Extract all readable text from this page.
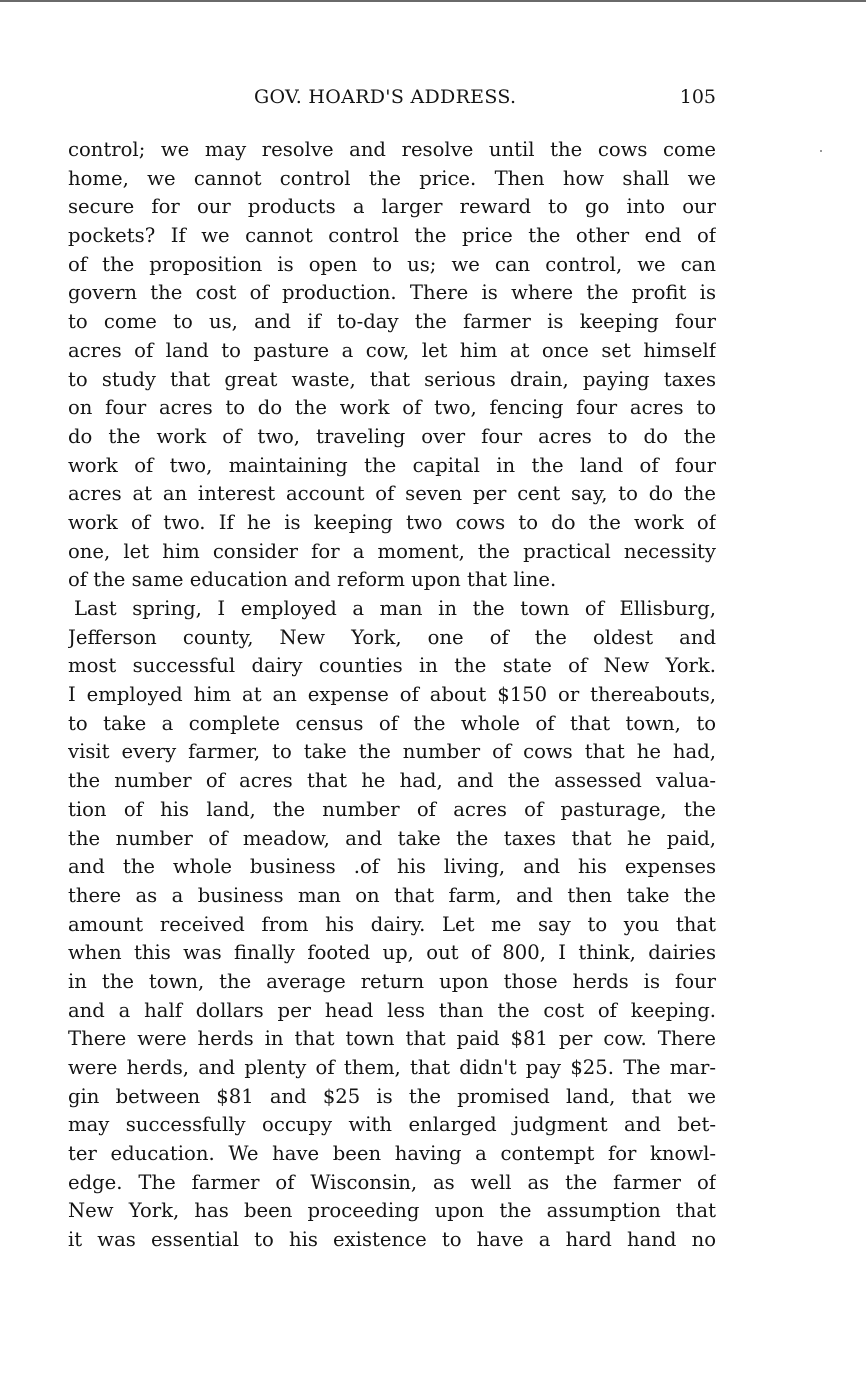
GOV. HOARD'S ADDRESS.	105
control; we may resolve and resolve until the cows come
home, we cannot control the price. Then how shall we
secure for our products a larger reward to go into our
pockets? If we cannot control the price the other end of
of the proposition is open to us; we can control, we can
govern the cost of production. There is where the profit is
to come to us, and if to-day the farmer is keeping four
acres of land to pasture a cow, let him at once set himself
to study that great waste, that serious drain, paying taxes
on four acres to do the work of two, fencing four acres to
do the work of two, traveling over four acres to do the
work of two, maintaining the capital in the land of four
acres at an interest account of seven per cent say, to do the
work of two. If he is keeping two cows to do the work of
one, let him consider for a moment, the practical necessity
of the same education and reform upon that line.
Last spring, I employed a man in the town of Ellisburg,
Jefferson county, New York, one of the oldest and
most successful dairy counties in the state of New York.
I employed him at an expense of about $150 or thereabouts,
to take a complete census of the whole of that town, to
visit every farmer, to take the number of cows that he had,
the number of acres that he had, and the assessed valua-
tion of his land, the number of acres of pasturage, the
the number of meadow, and take the taxes that he paid,
and the whole business .of his living, and his expenses
there as a business man on that farm, and then take the
amount received from his dairy. Let me say to you that
when this was finally footed up, out of 800, I think, dairies
in the town, the average return upon those herds is four
and a half dollars per head less than the cost of keeping.
There were herds in that town that paid $81 per cow. There
were herds, and plenty of them, that didn't pay $25. The mar-
gin between $81 and $25 is the promised land, that we
may successfully occupy with enlarged judgment and bet-
ter education. We have been having a contempt for knowl-
edge. The farmer of Wisconsin, as well as the farmer of
New York, has been proceeding upon the assumption that
it was essential to his existence to have a hard hand no
